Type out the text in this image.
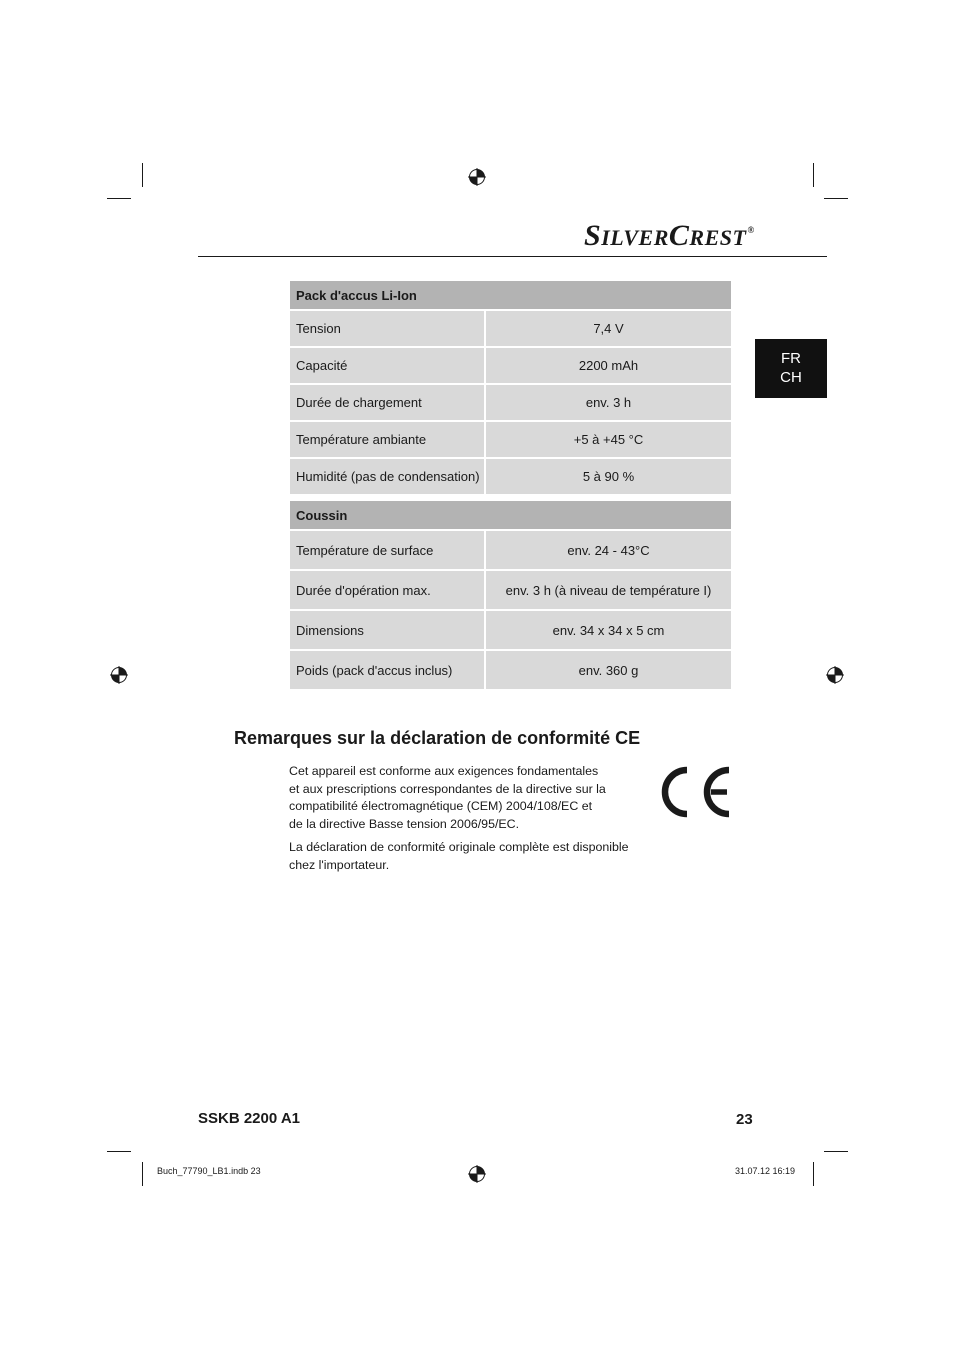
SILVERCREST®
FR
CH
Pack d'accus Li-Ion
Tension	7,4 V
Capacité	2200 mAh
Durée de chargement	env. 3 h
Température ambiante	+5 à +45 °C
Humidité (pas de condensation)	5 à 90 %
Coussin
Température de surface	env. 24 - 43°C
Durée d'opération max.	env. 3 h (à niveau de température I)
Dimensions	env. 34 x 34 x 5 cm
Poids (pack d'accus inclus)	env. 360 g
Remarques sur la déclaration de conformité CE
Cet appareil est conforme aux exigences fondamentales
et aux prescriptions correspondantes de la directive sur la
compatibilité électromagnétique (CEM) 2004/108/EC et
de la directive Basse tension 2006/95/EC.
La déclaration de conformité originale complète est disponible
chez l'importateur.
SSKB 2200 A1	23
Buch_77790_LB1.indb 23	31.07.12 16:19
